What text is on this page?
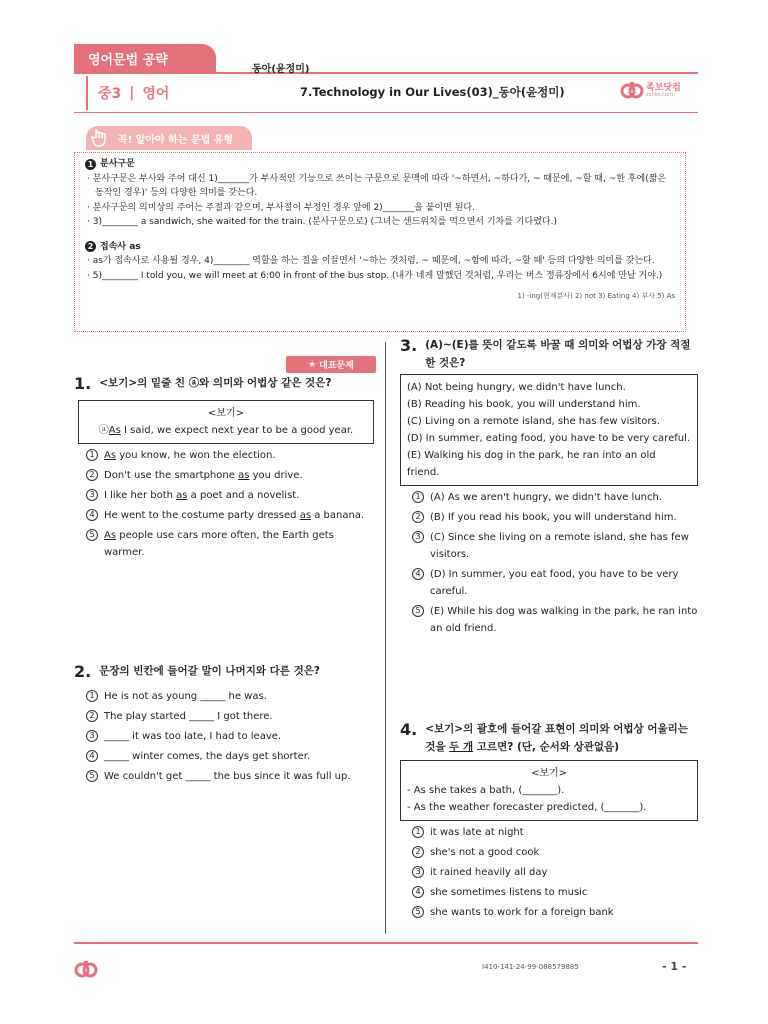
영어문법 공략
중3 | 영어
동아(윤정미)
7.Technology in Our Lives(03)_동아(윤정미)	족보닷컴
zocbo.com
꼭! 알아야 하는 문법 유형
1 분사구문
· 분사구문은 부사와 주어 대신 1)_______가 부사적인 기능으로 쓰이는 구문으로 문맥에 따라 '~하면서, ~하다가, ~ 때문에, ~할 때, ~한 후에(짧은 동작인 경우)' 등의 다양한 의미를 갖는다.
· 분사구문의 의미상의 주어는 주절과 같으며, 부사절이 부정인 경우 앞에 2)_______을 붙이면 된다.
· 3)________ a sandwich, she waited for the train. (분사구문으로) (그녀는 샌드위치를 먹으면서 기차를 기다렸다.)
2 접속사 as
· as가 접속사로 사용될 경우, 4)________ 역할을 하는 절을 이끌면서 '~하는 것처럼, ~ 때문에, ~함에 따라, ~할 때' 등의 다양한 의미를 갖는다.
· 5)________ I told you, we will meet at 6:00 in front of the bus stop. (내가 네게 말했던 것처럼, 우리는 버스 정류장에서 6시에 만날 거야.)
1) -ing(현재분사) 2) not 3) Eating 4) 부사 5) As
★ 대표문제
1. <보기>의 밑줄 친 ⓐ와 의미와 어법상 같은 것은?
<보기>
ⓐAs I said, we expect next year to be a good year.
1 As you know, he won the election.
2 Don't use the smartphone as you drive.
3 I like her both as a poet and a novelist.
4 He went to the costume party dressed as a banana.
5 As people use cars more often, the Earth gets warmer.
2. 문장의 빈칸에 들어갈 말이 나머지와 다른 것은?
1 He is not as young _____ he was.
2 The play started _____ I got there.
3 _____ it was too late, I had to leave.
4 _____ winter comes, the days get shorter.
5 We couldn't get _____ the bus since it was full up.
3. (A)~(E)를 뜻이 같도록 바꿀 때 의미와 어법상 가장 적절한 것은?
(A) Not being hungry, we didn't have lunch.
(B) Reading his book, you will understand him.
(C) Living on a remote island, she has few visitors.
(D) In summer, eating food, you have to be very careful.
(E) Walking his dog in the park, he ran into an old friend.
1 (A) As we aren't hungry, we didn't have lunch.
2 (B) If you read his book, you will understand him.
3 (C) Since she living on a remote island, she has few visitors.
4 (D) In summer, you eat food, you have to be very careful.
5 (E) While his dog was walking in the park, he ran into an old friend.
4. <보기>의 괄호에 들어갈 표현이 의미와 어법상 어울리는 것을 두 개 고르면? (단, 순서와 상관없음)
<보기>
- As she takes a bath, (_______).
- As the weather forecaster predicted, (_______).
1 it was late at night
2 she's not a good cook
3 it rained heavily all day
4 she sometimes listens to music
5 she wants to work for a foreign bank
I410-141-24-99-088579885	- 1 -
